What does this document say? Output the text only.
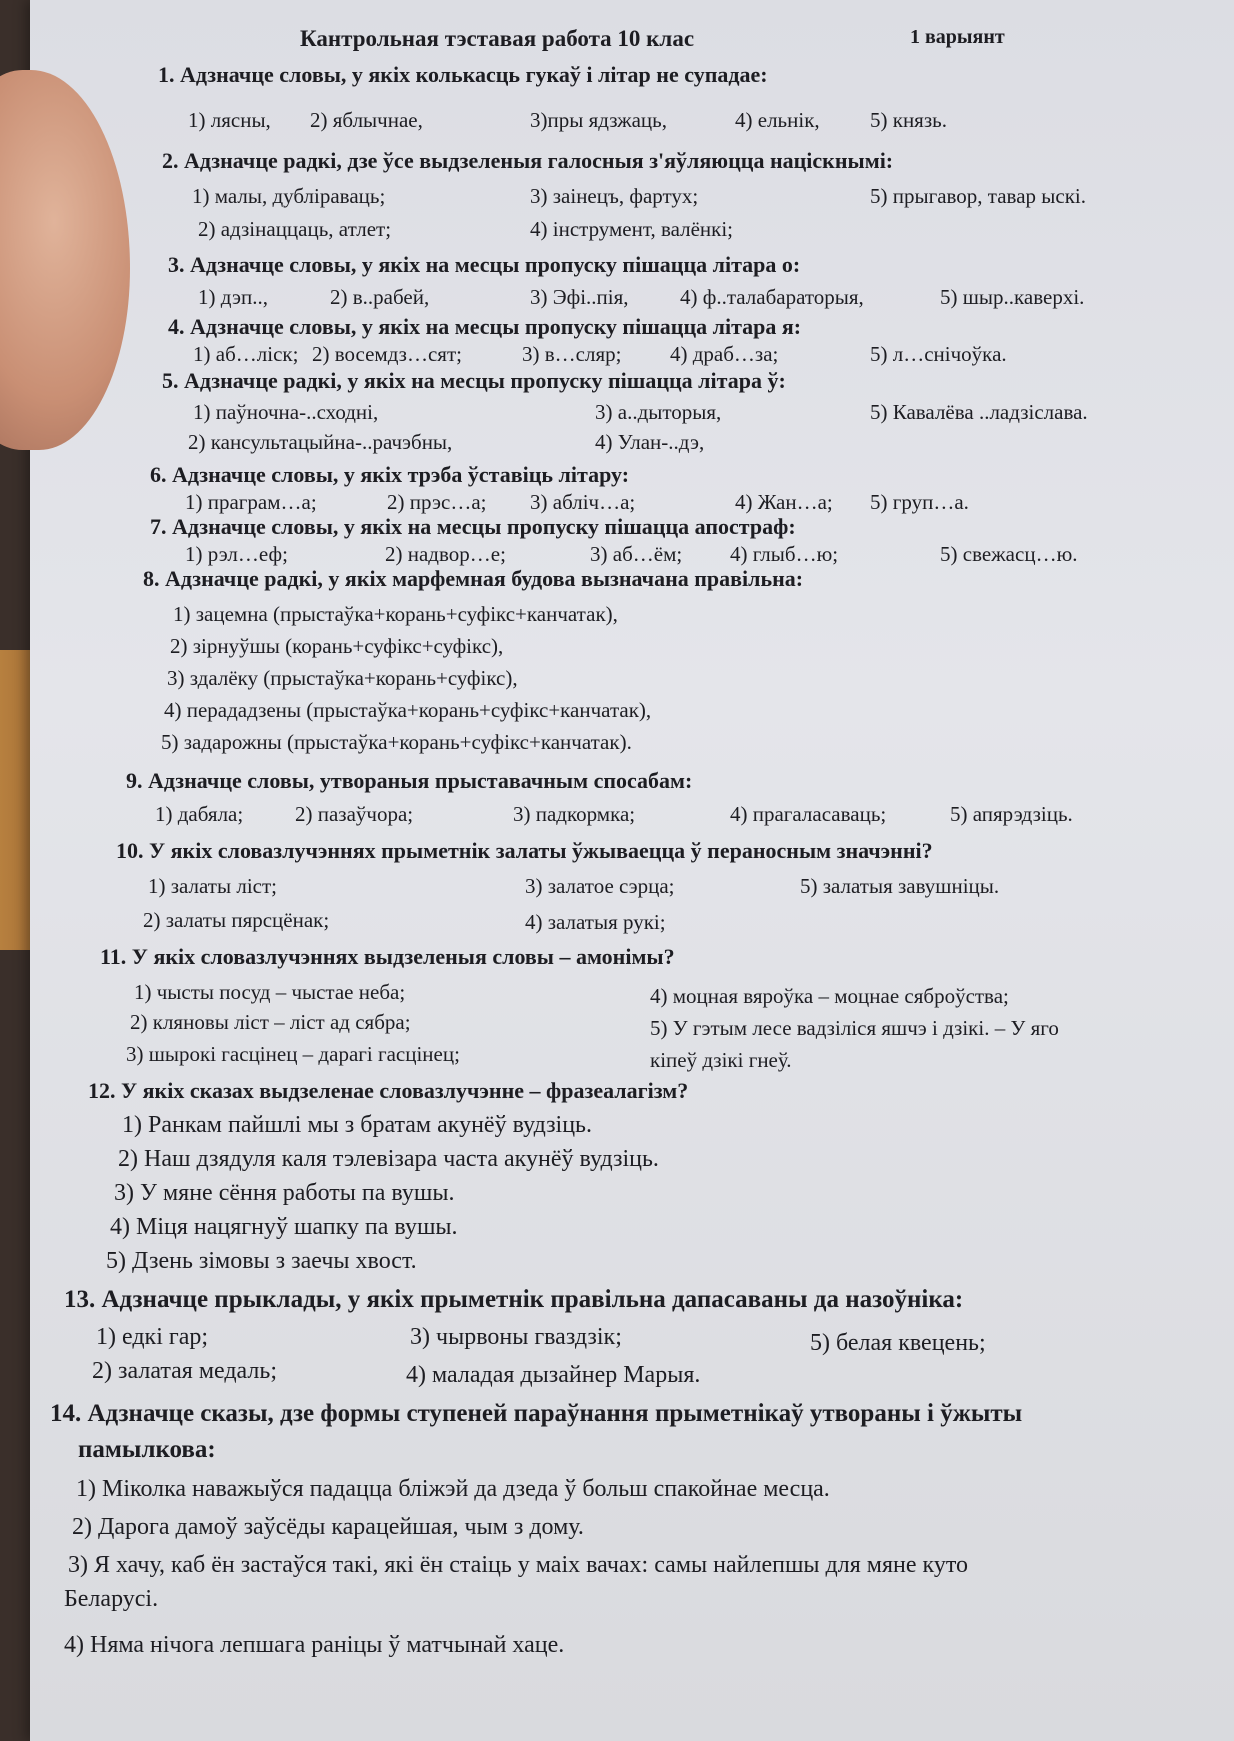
Кантрольная тэставая работа 10 клас	1 варыянт
1. Адзначце словы, у якіх колькасць гукаў і літар не супадае:
1) лясны, 2) яблычнае,	3)пры ядзжаць,	4) ельнік, 5) князь.
2. Адзначце радкі, дзе ўсе выдзеленыя галосныя з'яўляюцца націскнымі:
1) малы, дубліраваць;	3) заінецъ, фартух;	5) прыгавор, тавар ыскі.
2) адзінаццаць, атлет;	4) інструмент, валёнкі;
3. Адзначце словы, у якіх на месцы пропуску пішацца літара о:
1) дэп..,	2) в..рабей,	3) Эфі..пія, 4) ф..талабараторыя,	5) шыр..каверхі.
4. Адзначце словы, у якіх на месцы пропуску пішацца літара я:
1) аб…ліск; 2) восемдз…сят;	3) в…сляр; 4) драб…за;	5) л…снічоўка.
5. Адзначце радкі, у якіх на месцы пропуску пішацца літара ў:
1) паўночна-..сходні,	3) а..дыторыя,	5) Кавалёва ..ладзіслава.
2) кансультацыйна-..рачэбны,	4) Улан-..дэ,
6. Адзначце словы, у якіх трэба ўставіць літару:
1) праграм…а;	2) прэс…а; 3) абліч…а;	4) Жан…а; 5) груп…а.
7. Адзначце словы, у якіх на месцы пропуску пішацца апостраф:
1) рэл…еф;	2) надвор…е;	3) аб…ём; 4) глыб…ю;	5) свежасц…ю.
8. Адзначце радкі, у якіх марфемная будова вызначана правільна:
1) зацемна (прыстаўка+корань+суфікс+канчатак),
2) зірнуўшы (корань+суфікс+суфікс),
3) здалёку (прыстаўка+корань+суфікс),
4) перададзены (прыстаўка+корань+суфікс+канчатак),
5) задарожны (прыстаўка+корань+суфікс+канчатак).
9. Адзначце словы, утвораныя прыставачным спосабам:
1) дабяла; 2) пазаўчора;	3) падкормка;	4) прагаласаваць;	5) апярэдзіць.
10. У якіх словазлучэннях прыметнік залаты ўжываецца ў пераносным значэнні?
1) залаты ліст;	3) залатое сэрца;	5) залатыя завушніцы.
2) залаты пярсцёнак;	4) залатыя рукі;
11. У якіх словазлучэннях выдзеленыя словы – амонімы?
1) чысты посуд – чыстае неба;	4) моцная вяроўка – моцнае сяброўства;
2) кляновы ліст – ліст ад сябра;	5) У гэтым лесе вадзіліся яшчэ і дзікі. – У яго
3) шырокі гасцінец – дарагі гасцінец;	кіпеў дзікі гнеў.
12. У якіх сказах выдзеленае словазлучэнне – фразеалагізм?
1) Ранкам пайшлі мы з братам акунёў вудзіць.
2) Наш дзядуля каля тэлевізара часта акунёў вудзіць.
3) У мяне сёння работы па вушы.
4) Міця нацягнуў шапку па вушы.
5) Дзень зімовы з заечы хвост.
13. Адзначце прыклады, у якіх прыметнік правільна дапасаваны да назоўніка:
1) едкі гар;	3) чырвоны гваздзік;	5) белая квецень;
2) залатая медаль;	4) маладая дызайнер Марыя.
14. Адзначце сказы, дзе формы ступеней параўнання прыметнікаў утвораны і ўжыты
памылкова:
1) Міколка наважыўся падацца бліжэй да дзеда ў больш спакойнае месца.
2) Дарога дамоў заўсёды карацейшая, чым з дому.
3) Я хачу, каб ён застаўся такі, які ён стаіць у маіх вачах: самы найлепшы для мяне куто
Беларусі.
4) Няма нічога лепшага раніцы ў матчынай хаце.
